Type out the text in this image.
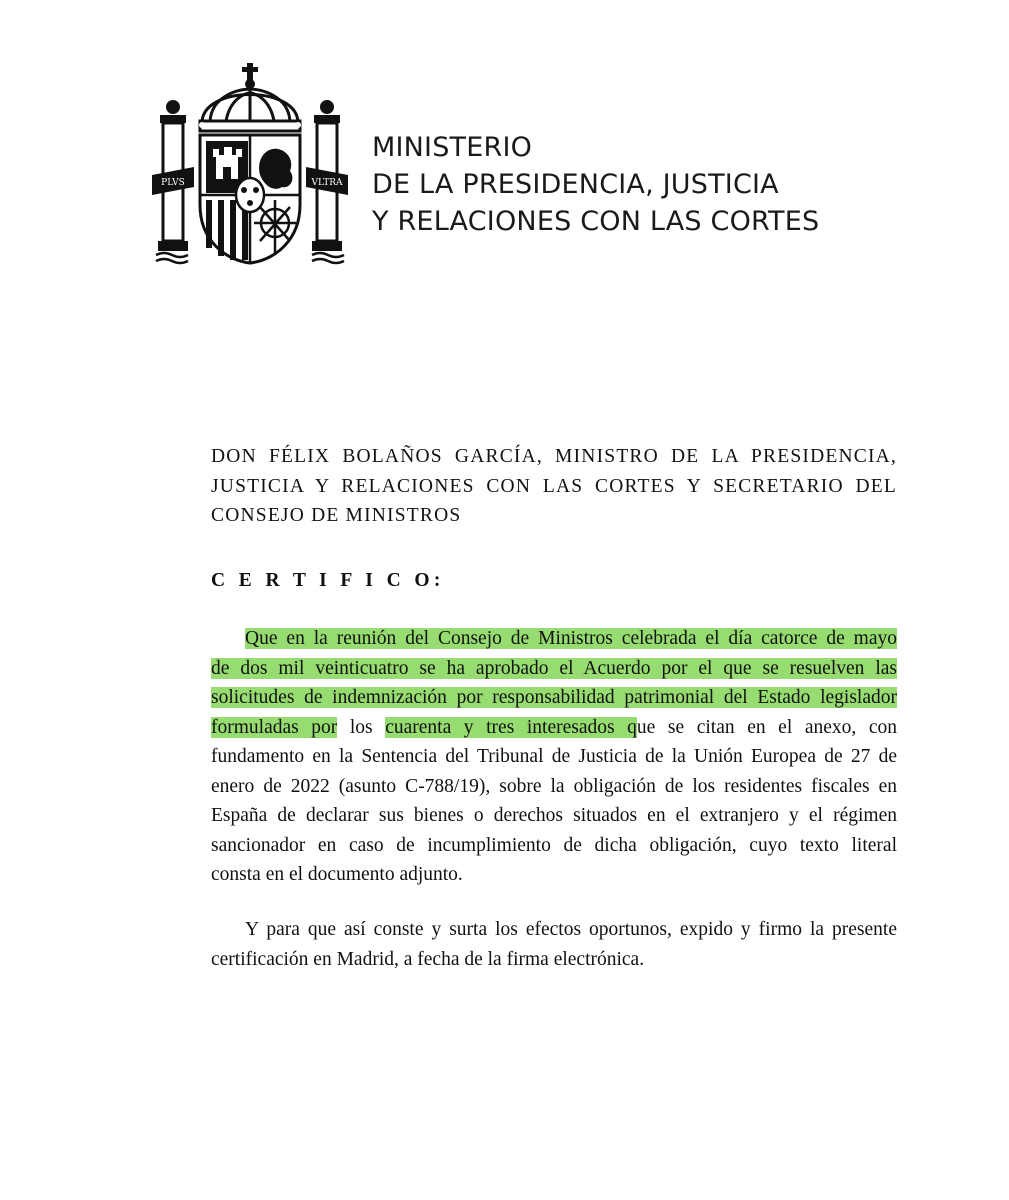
PLVS	VLTRA
MINISTERIO
DE LA PRESIDENCIA, JUSTICIA
Y RELACIONES CON LAS CORTES
DON FÉLIX BOLAÑOS GARCÍA, MINISTRO DE LA PRESIDENCIA,
JUSTICIA Y RELACIONES CON LAS CORTES Y SECRETARIO DEL
CONSEJO DE MINISTROS
C E R T I F I C O:
Que en la reunión del Consejo de Ministros celebrada el día catorce de mayo
de dos mil veinticuatro se ha aprobado el Acuerdo por el que se resuelven las
solicitudes de indemnización por responsabilidad patrimonial del Estado legislador
formuladas por los cuarenta y tres interesados que se citan en el anexo, con
fundamento en la Sentencia del Tribunal de Justicia de la Unión Europea de 27 de
enero de 2022 (asunto C-788/19), sobre la obligación de los residentes fiscales en
España de declarar sus bienes o derechos situados en el extranjero y el régimen
sancionador en caso de incumplimiento de dicha obligación, cuyo texto literal
consta en el documento adjunto.
Y para que así conste y surta los efectos oportunos, expido y firmo la presente
certificación en Madrid, a fecha de la firma electrónica.
